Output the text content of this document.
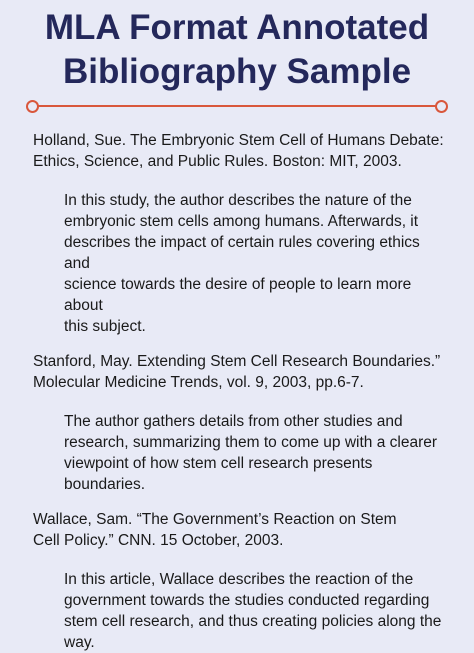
MLA Format Annotated
Bibliography Sample
Holland, Sue. The Embryonic Stem Cell of Humans Debate:
Ethics, Science, and Public Rules. Boston: MIT, 2003.
In this study, the author describes the nature of the
embryonic stem cells among humans. Afterwards, it
describes the impact of certain rules covering ethics and
science towards the desire of people to learn more about
this subject.
Stanford, May. Extending Stem Cell Research Boundaries.”
Molecular Medicine Trends, vol. 9, 2003, pp.6-7.
The author gathers details from other studies and
research, summarizing them to come up with a clearer
viewpoint of how stem cell research presents
boundaries.
Wallace, Sam. “The Government’s Reaction on Stem
Cell Policy.” CNN. 15 October, 2003.
In this article, Wallace describes the reaction of the
government towards the studies conducted regarding
stem cell research, and thus creating policies along the
way.
